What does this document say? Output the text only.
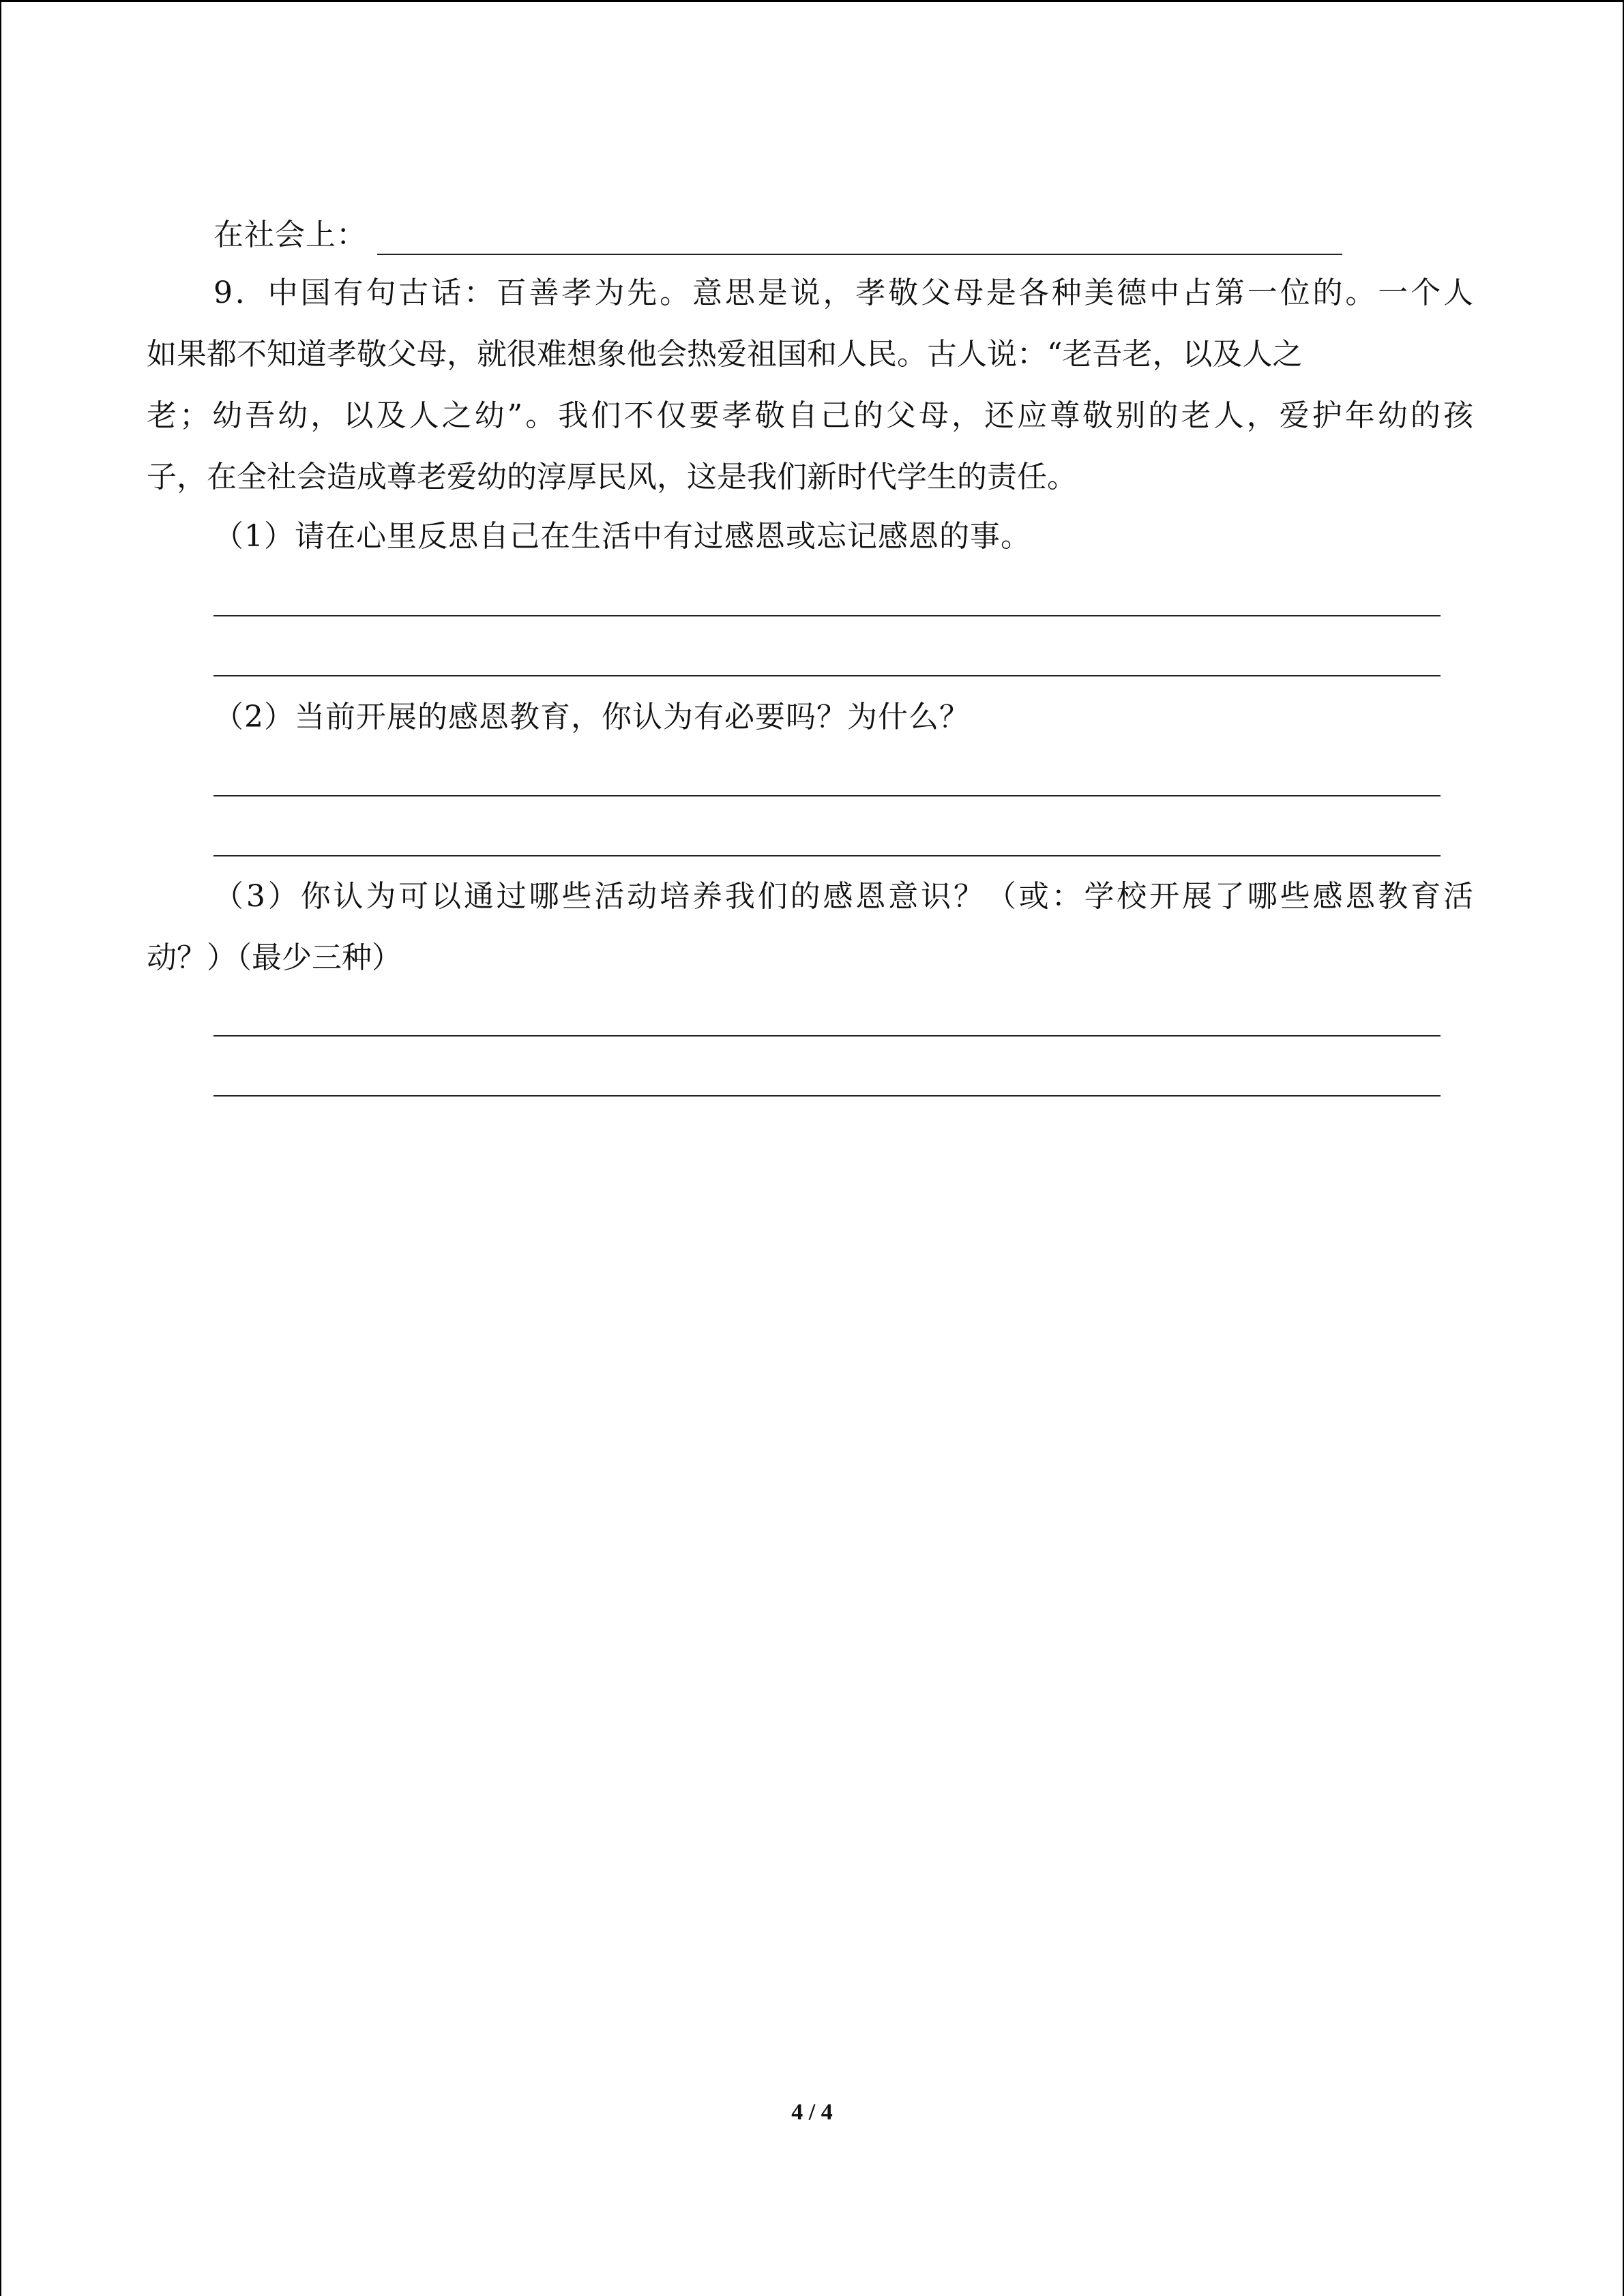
在社会上：
9．中国有句古话：百善孝为先。意思是说，孝敬父母是各种美德中占第一位的。一个人
如果都不知道孝敬父母，就很难想象他会热爱祖国和人民。古人说：“老吾老，以及人之
老；幼吾幼，以及人之幼”。我们不仅要孝敬自己的父母，还应尊敬别的老人，爱护年幼的孩
子，在全社会造成尊老爱幼的淳厚民风，这是我们新时代学生的责任。
（1）请在心里反思自己在生活中有过感恩或忘记感恩的事。
（2）当前开展的感恩教育，你认为有必要吗？为什么？
（3）你认为可以通过哪些活动培养我们的感恩意识？（或：学校开展了哪些感恩教育活
动？）（最少三种）
4 / 4
